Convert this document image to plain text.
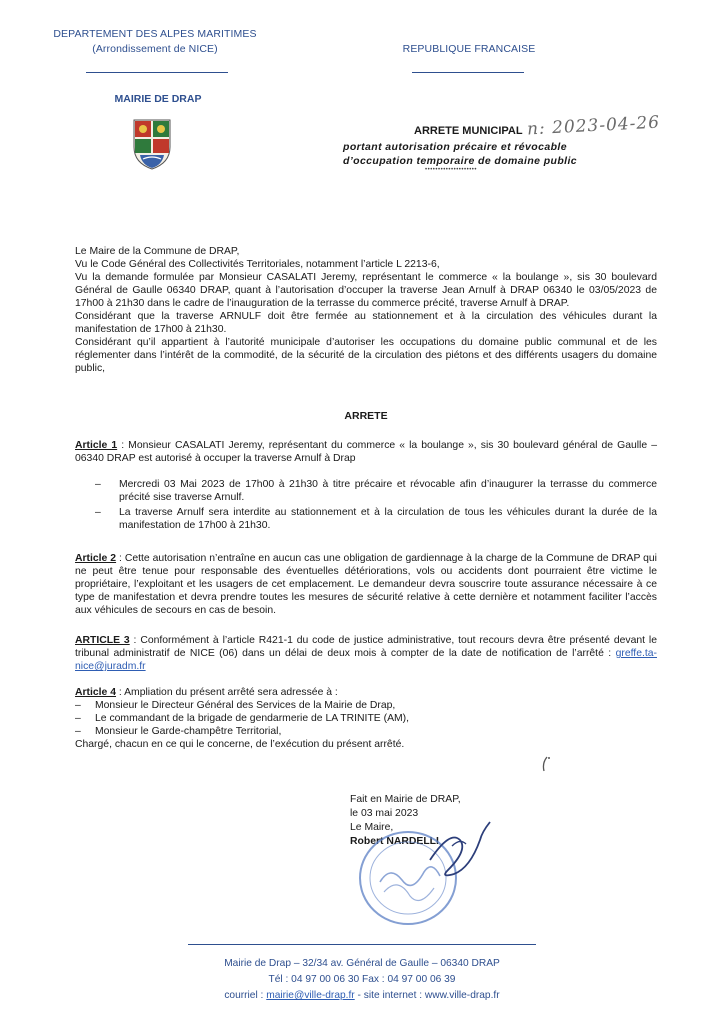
DEPARTEMENT DES ALPES MARITIMES
(Arrondissement de NICE)	REPUBLIQUE FRANCAISE
MAIRIE DE DRAP
ARRETE MUNICIPAL n: 2023-04-26
portant autorisation précaire et révocable
d’occupation temporaire de domaine public
••••••••••••••••••••

Le Maire de la Commune de DRAP,

Vu le Code Général des Collectivités Territoriales, notamment l’article L 2213-6,

Vu la demande formulée par Monsieur CASALATI Jeremy, représentant le commerce « la boulange », sis 30 boulevard Général de Gaulle 06340 DRAP, quant à l’autorisation d’occuper la traverse Jean Arnulf à DRAP 06340 le 03/05/2023 de 17h00 à 21h30 dans le cadre de l’inauguration de la terrasse du commerce précité, traverse Arnulf à DRAP.

Considérant que la traverse ARNULF doit être fermée au stationnement et à la circulation des véhicules durant la manifestation de 17h00 à 21h30.

Considérant qu’il appartient à l’autorité municipale d’autoriser les occupations du domaine public communal et de les réglementer dans l’intérêt de la commodité, de la sécurité de la circulation des piétons et des différents usagers du domaine public,

ARRETE

Article 1 : Monsieur CASALATI Jeremy, représentant du commerce « la boulange », sis 30 boulevard général de Gaulle – 06340 DRAP est autorisé à occuper la traverse Arnulf à Drap

– Mercredi 03 Mai 2023 de 17h00 à 21h30 à titre précaire et révocable afin d’inaugurer la terrasse du commerce précité sise traverse Arnulf.
– La traverse Arnulf sera interdite au stationnement et à la circulation de tous les véhicules durant la durée de la manifestation de 17h00 à 21h30.

Article 2 : Cette autorisation n’entraîne en aucun cas une obligation de gardiennage à la charge de la Commune de DRAP qui ne peut être tenue pour responsable des éventuelles détériorations, vols ou accidents dont pourraient être victime le propriétaire, l’exploitant et les usagers de cet emplacement. Le demandeur devra souscrire toute assurance nécessaire à ce type de manifestation et devra prendre toutes les mesures de sécurité relative à cette dernière et notamment faciliter l’accès aux véhicules de secours en cas de besoin.

ARTICLE 3 : Conformément à l’article R421-1 du code de justice administrative, tout recours devra être présenté devant le tribunal administratif de NICE (06) dans un délai de deux mois à compter de la date de notification de l’arrêté : greffe.ta-nice@juradm.fr

Article 4 : Ampliation du présent arrêté sera adressée à :

– Monsieur le Directeur Général des Services de la Mairie de Drap,
– Le commandant de la brigade de gendarmerie de LA TRINITE (AM),
– Monsieur le Garde-champêtre Territorial,

Chargé, chacun en ce qui le concerne, de l’exécution du présent arrêté.

Fait en Mairie de DRAP,
le 03 mai 2023
Le Maire,
Robert NARDELLI
Mairie de Drap – 32/34 av. Général de Gaulle – 06340 DRAP
Tél : 04 97 00 06 30 Fax : 04 97 00 06 39
courriel : mairie@ville-drap.fr - site internet : www.ville-drap.fr
